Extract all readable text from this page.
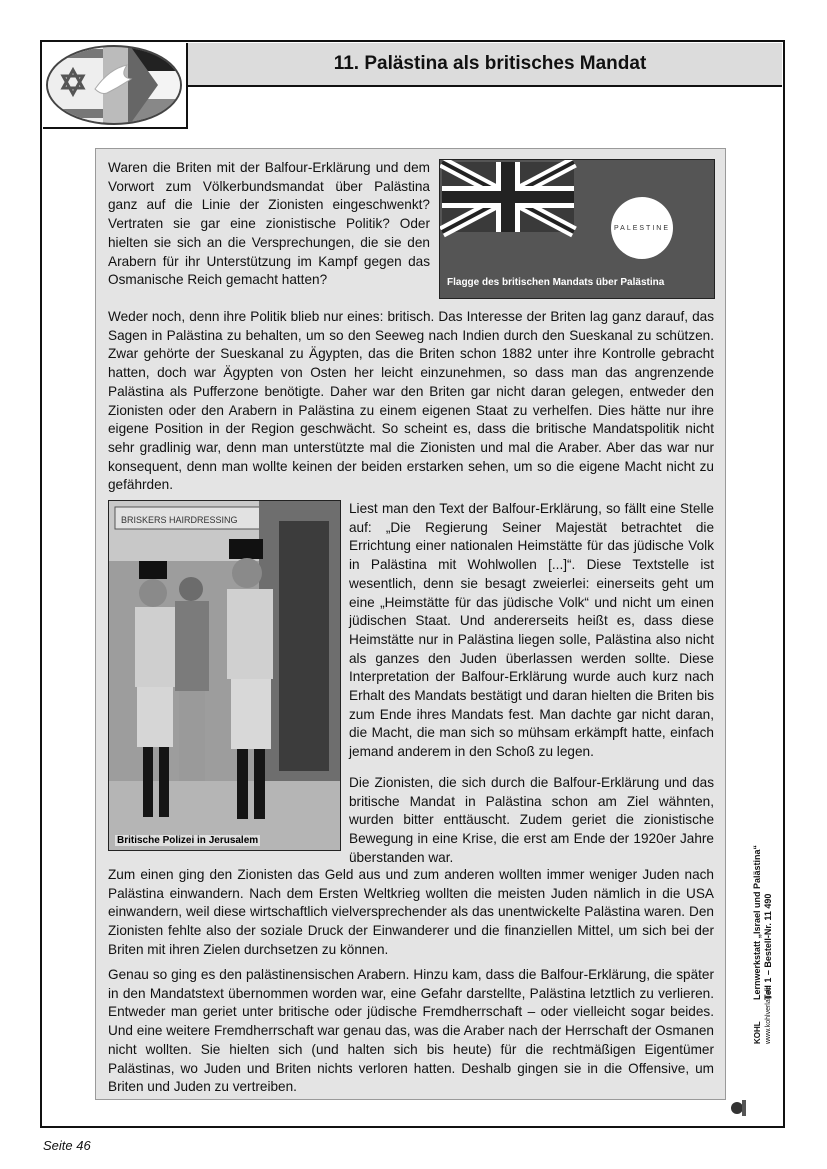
11. Palästina als britisches Mandat
PALESTINE
Flagge des britischen Mandats über Palästina
BRISKERS HAIRDRESSING
Britische Polizei in Jerusalem
Waren die Briten mit der Balfour-Erklärung und dem Vorwort zum Völkerbundsmandat über Palästina ganz auf die Linie der Zionisten eingeschwenkt? Vertraten sie gar eine zionistische Politik? Oder hielten sie sich an die Versprechungen, die sie den Arabern für ihr Unterstützung im Kampf gegen das Osmanische Reich gemacht hatten?
Weder noch, denn ihre Politik blieb nur eines: britisch. Das Interesse der Briten lag ganz darauf, das Sagen in Palästina zu behalten, um so den Seeweg nach Indien durch den Sueskanal zu schützen. Zwar gehörte der Sueskanal zu Ägypten, das die Briten schon 1882 unter ihre Kontrolle gebracht hatten, doch war Ägypten von Osten her leicht einzunehmen, so dass man das angrenzende Palästina als Pufferzone benötigte. Daher war den Briten gar nicht daran gelegen, entweder den Zionisten oder den Arabern in Palästina zu einem eigenen Staat zu verhelfen. Dies hätte nur ihre eigene Position in der Region geschwächt. So scheint es, dass die britische Mandatspolitik nicht sehr gradlinig war, denn man unterstützte mal die Zionisten und mal die Araber. Aber das war nur konsequent, denn man wollte keinen der beiden erstarken sehen, um so die eigene Macht nicht zu gefährden.
Liest man den Text der Balfour-Erklärung, so fällt eine Stelle auf: „Die Regierung Seiner Majestät betrachtet die Errichtung einer nationalen Heimstätte für das jüdische Volk in Palästina mit Wohlwollen [...]“. Diese Textstelle ist wesentlich, denn sie besagt zweierlei: einerseits geht um eine „Heimstätte für das jüdische Volk“ und nicht um einen jüdischen Staat. Und andererseits heißt es, dass diese Heimstätte nur in Palästina liegen solle, Palästina also nicht als ganzes den Juden überlassen werden sollte. Diese Interpretation der Balfour-Erklärung wurde auch kurz nach Erhalt des Mandats bestätigt und daran hielten die Briten bis zum Ende ihres Mandats fest. Man dachte gar nicht daran, die Macht, die man sich so mühsam erkämpft hatte, einfach jemand anderem in den Schoß zu legen.
Die Zionisten, die sich durch die Balfour-Erklärung und das britische Mandat in Palästina schon am Ziel wähnten, wurden bitter enttäuscht. Zudem geriet die zionistische Bewegung in eine Krise, die erst am Ende der 1920er Jahre überstanden war.
Zum einen ging den Zionisten das Geld aus und zum anderen wollten immer weniger Juden nach Palästina einwandern. Nach dem Ersten Weltkrieg wollten die meisten Juden nämlich in die USA einwandern, weil diese wirtschaftlich vielversprechender als das unentwickelte Palästina waren. Den Zionisten fehlte also der soziale Druck der Einwanderer und die finanziellen Mittel, um sich bei der Briten mit ihren Zielen durchsetzen zu können.
Genau so ging es den palästinensischen Arabern. Hinzu kam, dass die Balfour-Erklärung, die später in den Mandatstext übernommen worden war, eine Gefahr darstellte, Palästina letztlich zu verlieren. Entweder man geriet unter britische oder jüdische Fremdherrschaft – oder vielleicht sogar beides. Und eine weitere Fremdherrschaft war genau das, was die Araber nach der Herrschaft der Osmanen nicht wollten. Sie hielten sich (und halten sich bis heute) für die rechtmäßigen Eigentümer Palästinas, wo Juden und Briten nichts verloren hatten. Deshalb gingen sie in die Offensive, um Briten und Juden zu vertreiben.
KOHL www.kohlverlag.de
Lernwerkstatt „Israel und Palästina“ Teil 1 – Bestell-Nr. 11 490
Seite 46
